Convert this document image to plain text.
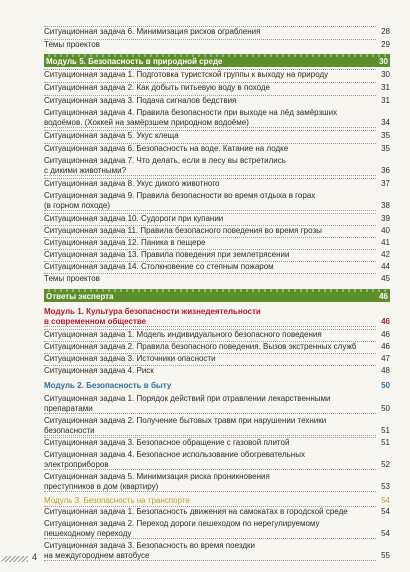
Ситуационная задача 6. Минимизация рисков ограбления	28
Темы проектов	29
Модуль 5. Безопасность в природной среде	30
Ситуационная задача 1. Подготовка туристской группы к выходу на природу	30
Ситуационная задача 2. Как добыть питьевую воду в походе	31
Ситуационная задача 3. Подача сигналов бедствия	31
Ситуационная задача 4. Правила безопасности при выходе на лёд замёрзших
водоёмов. (Хоккей на замёрзшем природном водоёме)	34
Ситуационная задача 5. Укус клеща	35
Ситуационная задача 6. Безопасность на воде. Катание на лодке	35
Ситуационная задача 7. Что делать, если в лесу вы встретились
с дикими животными?	36
Ситуационная задача 8. Укус дикого животного	37
Ситуационная задача 9. Правила безопасности во время отдыха в горах
(в горном походе)	38
Ситуационная задача 10. Судороги при купании	39
Ситуационная задача 11. Правила безопасного поведения во время грозы	40
Ситуационная задача 12. Паника в пещере	41
Ситуационная задача 13. Правила поведения при землетрясении	42
Ситуационная задача 14. Столкновение со степным пожаром	44
Темы проектов	45
Ответы эксперта	46
Модуль 1. Культура безопасности жизнедеятельности
в современном обществе	46
Ситуационная задача 1. Модель индивидуального безопасного поведения	46
Ситуационная задача 2. Правила безопасного поведения. Вызов экстренных служб	46
Ситуационная задача 3. Источники опасности	47
Ситуационная задача 4. Риск	48
Модуль 2. Безопасность в быту	50
Ситуационная задача 1. Порядок действий при отравлении лекарственными
препаратами	50
Ситуационная задача 2. Получение бытовых травм при нарушении техники
безопасности	51
Ситуационная задача 3. Безопасное обращение с газовой плитой	51
Ситуационная задача 4. Безопасное использование обогревательных
электроприборов	52
Ситуационная задача 5. Минимизация риска проникновения
преступников в дом (квартиру)	53
Модуль 3. Безопасность на транспорте	54
Ситуационная задача 1. Безопасность движения на самокатах в городской среде	54
Ситуационная задача 2. Переход дороги пешеходом по нерегулируемому
пешеходному переходу	54
Ситуационная задача 3. Безопасность во время поездки
на междугороднем автобусе	55
4
